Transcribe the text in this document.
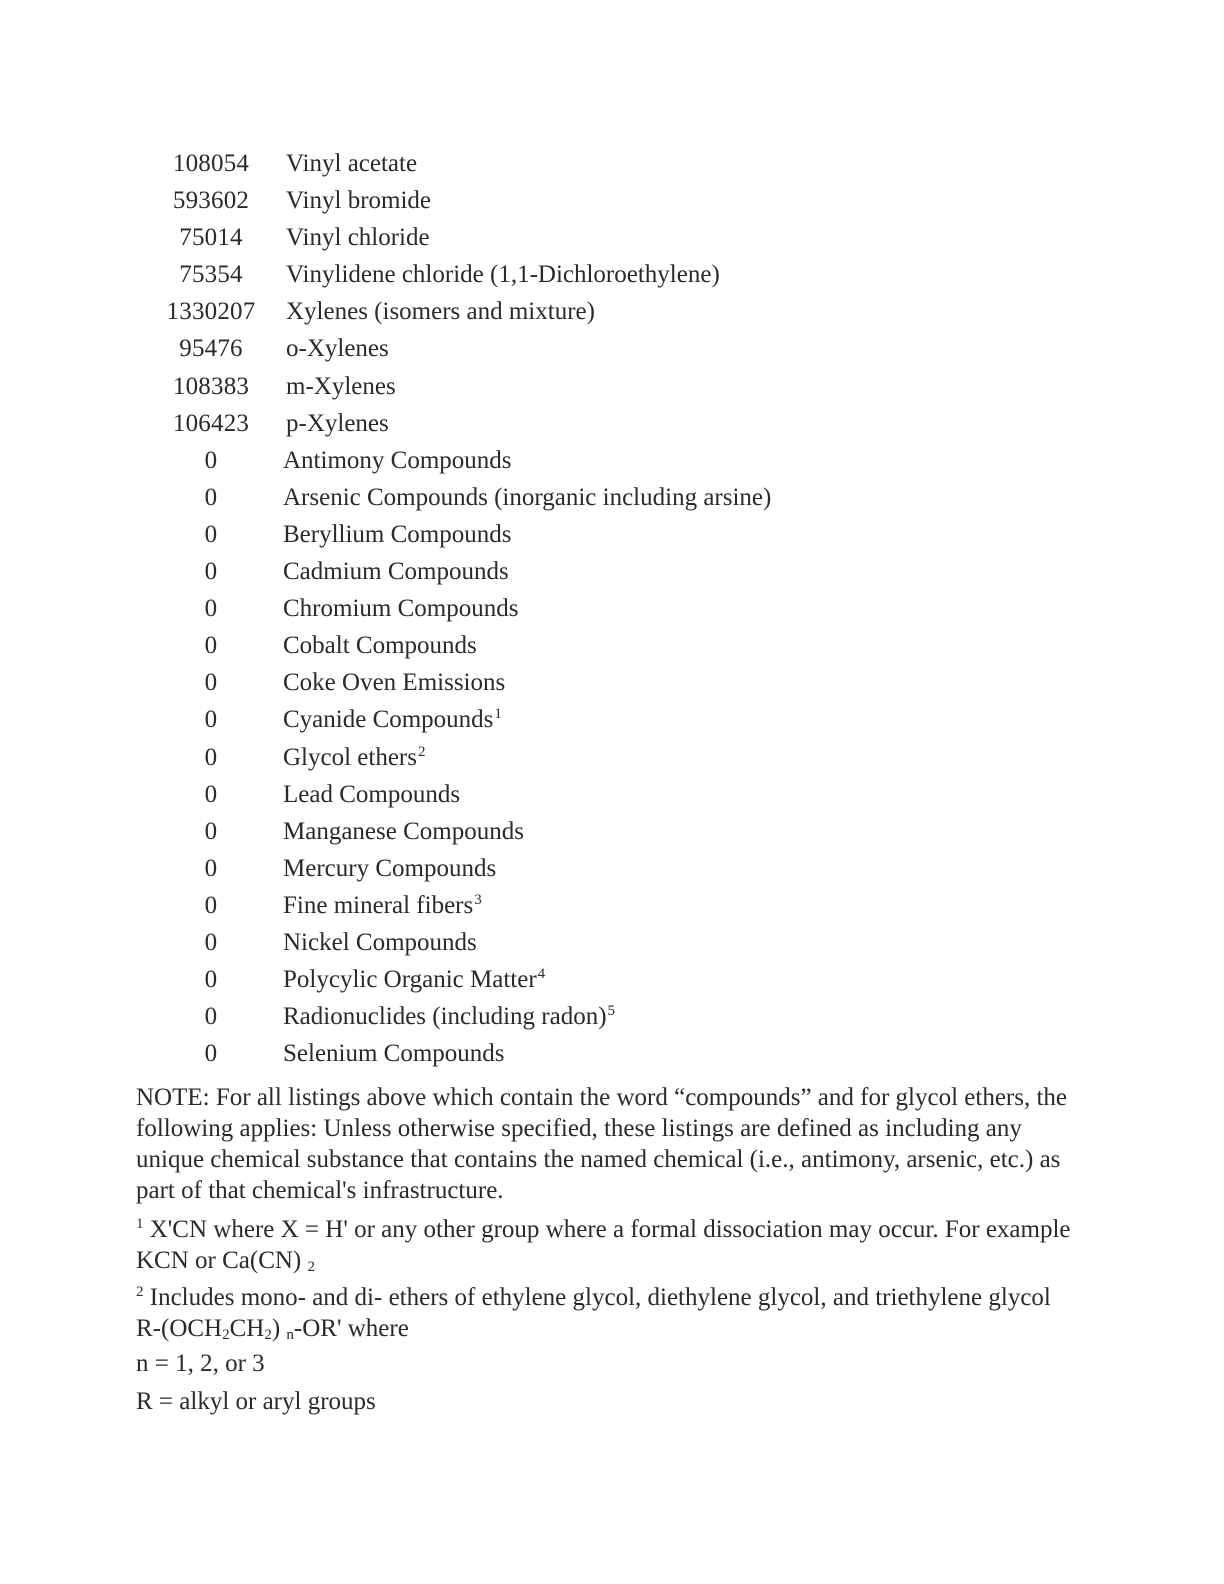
108054	Vinyl acetate
593602	Vinyl bromide
75014	Vinyl chloride
75354	Vinylidene chloride (1,1-Dichloroethylene)
1330207	Xylenes (isomers and mixture)
95476	o-Xylenes
108383	m-Xylenes
106423	p-Xylenes
0	Antimony Compounds
0	Arsenic Compounds (inorganic including arsine)
0	Beryllium Compounds
0	Cadmium Compounds
0	Chromium Compounds
0	Cobalt Compounds
0	Coke Oven Emissions
0	Cyanide Compounds$^1$
0	Glycol ethers$^2$
0	Lead Compounds
0	Manganese Compounds
0	Mercury Compounds
0	Fine mineral fibers$^3$
0	Nickel Compounds
0	Polycylic Organic Matter$^4$
0	Radionuclides (including radon)$^5$
0	Selenium Compounds

NOTE: For all listings above which contain the word “compounds” and for glycol ethers, the following applies: Unless otherwise specified, these listings are defined as including any unique chemical substance that contains the named chemical (i.e., antimony, arsenic, etc.) as part of that chemical's infrastructure.

$^1$ X'CN where X = H' or any other group where a formal dissociation may occur. For example KCN or Ca(CN) $_2$

$^2$ Includes mono- and di- ethers of ethylene glycol, diethylene glycol, and triethylene glycol $R-(OCH_2CH_2)$ $_n$-OR' where

n = 1, 2, or 3

R = alkyl or aryl groups
